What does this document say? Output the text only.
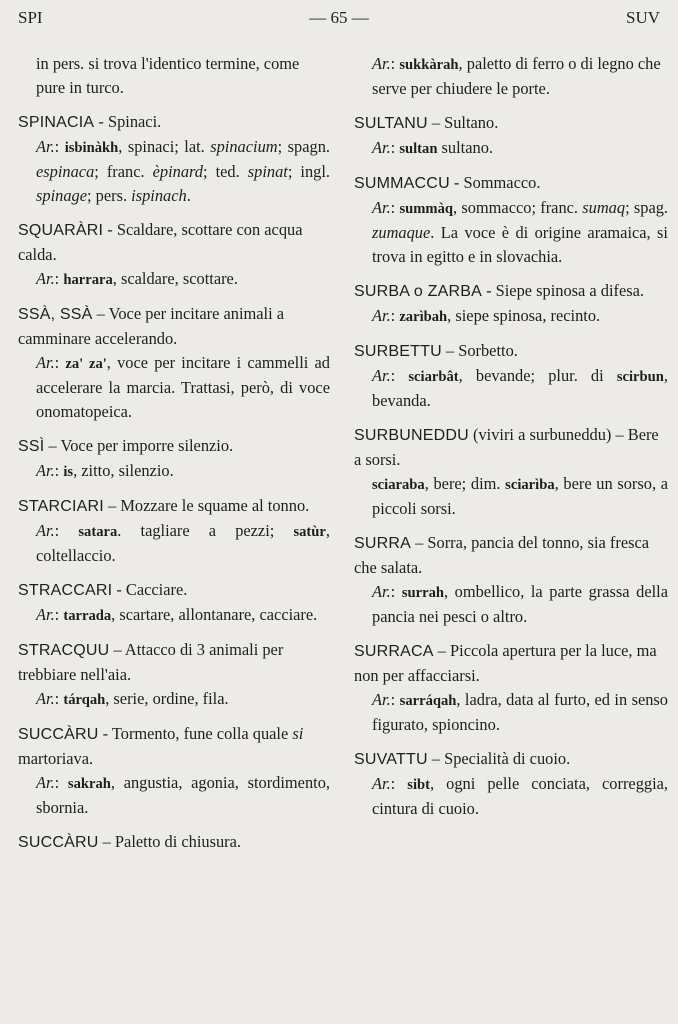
SPI	— 65 —	SUV
in pers. si trova l'identico termine, come pure in turco.
SPINACIA - Spinaci.
Ar.: isbinàkh, spinaci; lat. spinacium; spagn. espinaca; franc. èpinard; ted. spinat; ingl. spinage; pers. ispinach.
SQUARÀRI - Scaldare, scottare con acqua calda.
Ar.: harrara, scaldare, scottare.
SSÀ, SSÀ – Voce per incitare animali a camminare accelerando.
Ar.: za' za', voce per incitare i cammelli ad accelerare la marcia. Trattasi, però, di voce onomatopeica.
SSÌ – Voce per imporre silenzio.
Ar.: is, zitto, silenzio.
STARCIARI – Mozzare le squame al tonno.
Ar.: satara. tagliare a pezzi; satùr, coltellaccio.
STRACCARI - Cacciare.
Ar.: tarrada, scartare, allontanare, cacciare.
STRACQUU – Attacco di 3 animali per trebbiare nell'aia.
Ar.: tárqah, serie, ordine, fila.
SUCCÀRU - Tormento, fune colla quale si martoriava.
Ar.: sakrah, angustia, agonia, stordimento, sbornia.
SUCCÀRU – Paletto di chiusura.
Ar.: sukkàrah, paletto di ferro o di legno che serve per chiudere le porte.
SULTANU – Sultano.
Ar.: sultan sultano.
SUMMACCU - Sommacco.
Ar.: summàq, sommacco; franc. sumaq; spag. zumaque. La voce è di origine aramaica, si trova in egitto e in slovachia.
SURBA o ZARBA - Siepe spinosa a difesa.
Ar.: zarìbah, siepe spinosa, recinto.
SURBETTU – Sorbetto.
Ar.: sciarbât, bevande; plur. di scirbun, bevanda.
SURBUNEDDU (viviri a surbuneddu) – Bere a sorsi.
sciaraba, bere; dim. sciarìba, bere un sorso, a piccoli sorsi.
SURRA – Sorra, pancia del tonno, sia fresca che salata.
Ar.: surrah, ombellico, la parte grassa della pancia nei pesci o altro.
SURRACA – Piccola apertura per la luce, ma non per affacciarsi.
Ar.: sarráqah, ladra, data al furto, ed in senso figurato, spioncino.
SUVATTU – Specialità di cuoio.
Ar.: sibt, ogni pelle conciata, correggia, cintura di cuoio.
